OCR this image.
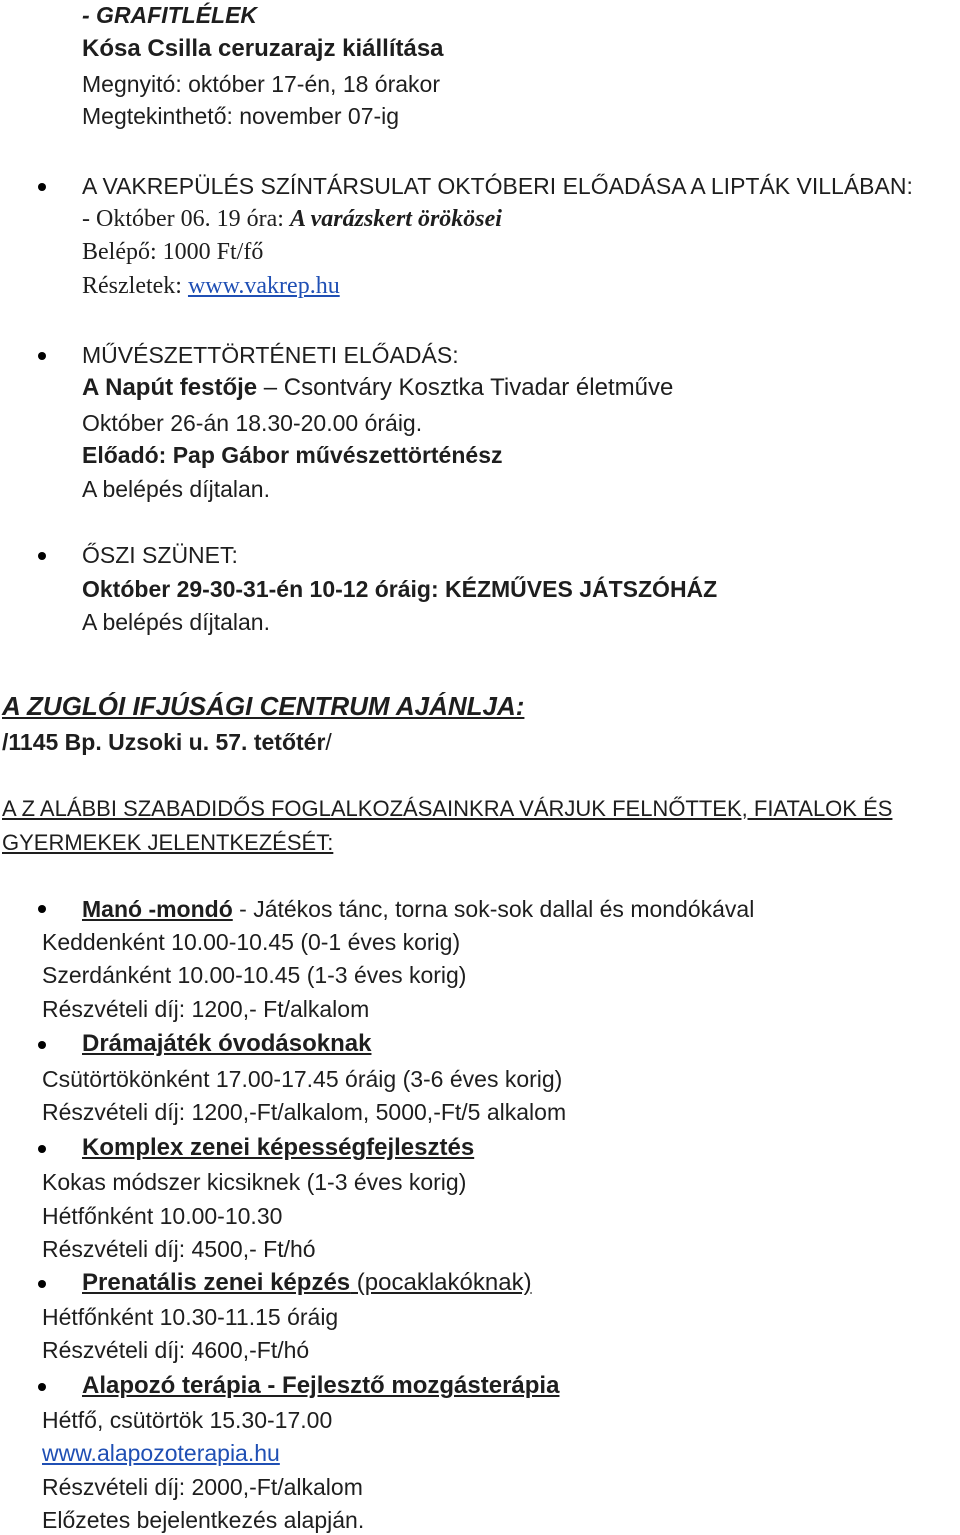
- GRAFITLÉLEK
Kósa Csilla ceruzarajz kiállítása
Megnyitó: október 17-én, 18 órakor
Megtekinthető: november 07-ig
A VAKREPÜLÉS SZÍNTÁRSULAT OKTÓBERI ELŐADÁSA A LIPTÁK VILLÁBAN:
- Október 06. 19 óra: A varázskert örökösei
Belépő: 1000 Ft/fő
Részletek: www.vakrep.hu
MŰVÉSZETTÖRTÉNETI ELŐADÁS:
A Napút festője – Csontváry Kosztka Tivadar életműve
Október 26-án 18.30-20.00 óráig.
Előadó: Pap Gábor művészettörténész
A belépés díjtalan.
ŐSZI SZÜNET:
Október 29-30-31-én 10-12 óráig: KÉZMŰVES JÁTSZÓHÁZ
A belépés díjtalan.
A ZUGLÓI IFJÚSÁGI CENTRUM AJÁNLJA:
/1145 Bp. Uzsoki u. 57. tetőtér/
A Z ALÁBBI SZABADIDŐS FOGLALKOZÁSAINKRA VÁRJUK FELNŐTTEK, FIATALOK ÉS
GYERMEKEK JELENTKEZÉSÉT:
Manó -mondó - Játékos tánc, torna sok-sok dallal és mondókával
Keddenként 10.00-10.45 (0-1 éves korig)
Szerdánként 10.00-10.45 (1-3 éves korig)
Részvételi díj: 1200,- Ft/alkalom
Drámajáték óvodásoknak
Csütörtökönként 17.00-17.45 óráig (3-6 éves korig)
Részvételi díj: 1200,-Ft/alkalom, 5000,-Ft/5 alkalom
Komplex zenei képességfejlesztés
Kokas módszer kicsiknek (1-3 éves korig)
Hétfőnként 10.00-10.30
Részvételi díj: 4500,- Ft/hó
Prenatális zenei képzés (pocaklakóknak)
Hétfőnként 10.30-11.15 óráig
Részvételi díj: 4600,-Ft/hó
Alapozó terápia - Fejlesztő mozgásterápia
Hétfő, csütörtök 15.30-17.00
www.alapozoterapia.hu
Részvételi díj: 2000,-Ft/alkalom
Előzetes bejelentkezés alapján.
